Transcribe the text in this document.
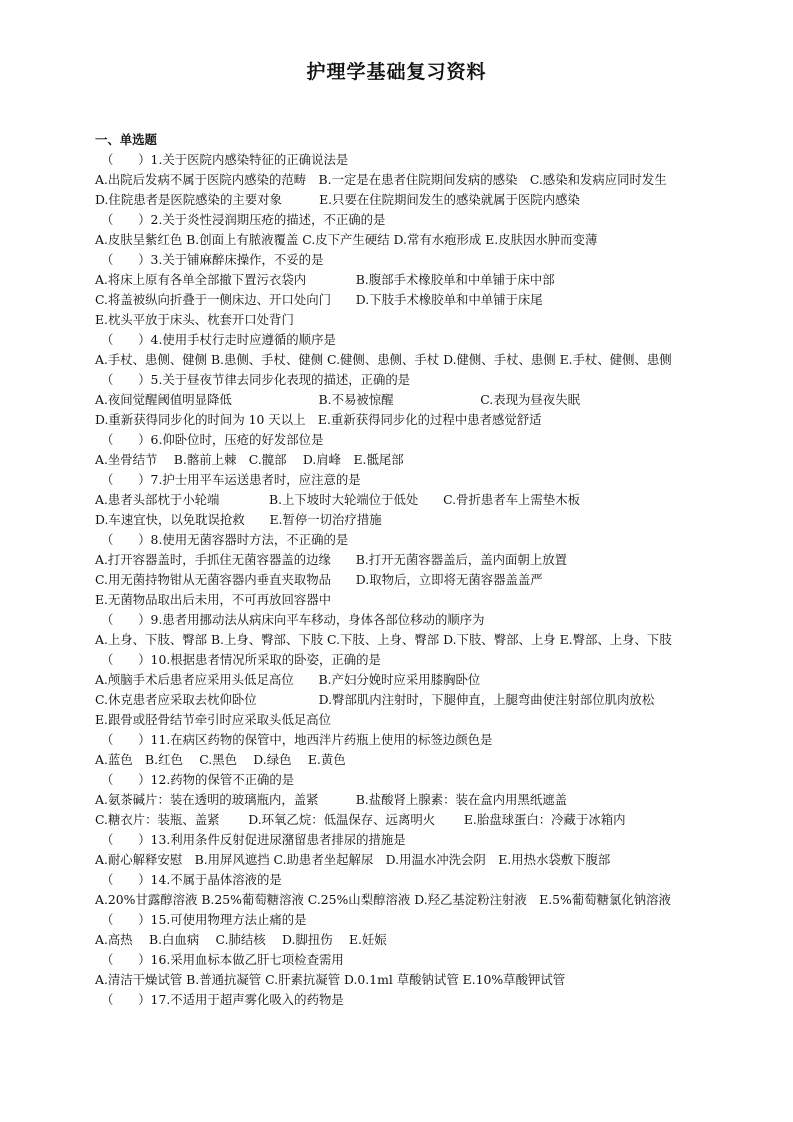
护理学基础复习资料
一、单选题
（　　）1.关于医院内感染特征的正确说法是
A.出院后发病不属于医院内感染的范畴　B.一定是在患者住院期间发病的感染　C.感染和发病应同时发生
D.住院患者是医院感染的主要对象　　　E.只要在住院期间发生的感染就属于医院内感染
（　　）2.关于炎性浸润期压疮的描述，不正确的是
A.皮肤呈紫红色 B.创面上有脓液覆盖 C.皮下产生硬结 D.常有水疱形成 E.皮肤因水肿而变薄
（　　）3.关于铺麻醉床操作，不妥的是
A.将床上原有各单全部撤下置污衣袋内　　　　B.腹部手术橡胶单和中单铺于床中部
C.将盖被纵向折叠于一侧床边、开口处向门　　D.下肢手术橡胶单和中单铺于床尾
E.枕头平放于床头、枕套开口处背门
（　　）4.使用手杖行走时应遵循的顺序是
A.手杖、患侧、健侧 B.患侧、手杖、健侧 C.健侧、患侧、手杖 D.健侧、手杖、患侧 E.手杖、健侧、患侧
（　　）5.关于昼夜节律去同步化表现的描述，正确的是
A.夜间觉醒阈值明显降低　　　　　　　B.不易被惊醒　　　　　　　C.表现为昼夜失眠
D.重新获得同步化的时间为 10 天以上　E.重新获得同步化的过程中患者感觉舒适
（　　）6.仰卧位时，压疮的好发部位是
A.坐骨结节　 B.髂前上棘　C.髋部　 D.肩峰　E.骶尾部
（　　）7.护士用平车运送患者时，应注意的是
A.患者头部枕于小轮端　　　　B.上下坡时大轮端位于低处　　C.骨折患者车上需垫木板
D.车速宜快，以免耽误抢救　　E.暂停一切治疗措施
（　　）8.使用无菌容器时方法，不正确的是
A.打开容器盖时，手抓住无菌容器盖的边缘　　B.打开无菌容器盖后，盖内面朝上放置
C.用无菌持物钳从无菌容器内垂直夹取物品　　D.取物后，立即将无菌容器盖盖严
E.无菌物品取出后未用，不可再放回容器中
（　　）9.患者用挪动法从病床向平车移动，身体各部位移动的顺序为
A.上身、下肢、臀部 B.上身、臀部、下肢 C.下肢、上身、臀部 D.下肢、臀部、上身 E.臀部、上身、下肢
（　　）10.根据患者情况所采取的卧姿，正确的是
A.颅脑手术后患者应采用头低足高位　　B.产妇分娩时应采用膝胸卧位
C.休克患者应采取去枕仰卧位　　　　　D.臀部肌内注射时，下腿伸直，上腿弯曲使注射部位肌肉放松
E.跟骨或胫骨结节牵引时应采取头低足高位
（　　）11.在病区药物的保管中，地西泮片药瓶上使用的标签边颜色是
A.蓝色　B.红色　 C.黑色　 D.绿色　 E.黄色
（　　）12.药物的保管不正确的是
A.氨茶碱片：装在透明的玻璃瓶内，盖紧　　　B.盐酸肾上腺素：装在盒内用黑纸遮盖
C.糖衣片：装瓶、盖紧　　 D.环氧乙烷：低温保存、远离明火　　 E.胎盘球蛋白：冷藏于冰箱内
（　　）13.利用条件反射促进尿潴留患者排尿的措施是
A.耐心解释安慰　B.用屏风遮挡 C.助患者坐起解尿　D.用温水冲洗会阴　E.用热水袋敷下腹部
（　　）14.不属于晶体溶液的是
A.20%甘露醇溶液 B.25%葡萄糖溶液 C.25%山梨醇溶液 D.羟乙基淀粉注射液　E.5%葡萄糖氯化钠溶液
（　　）15.可使用物理方法止痛的是
A.高热　 B.白血病　 C.肺结核　 D.脚扭伤　 E.妊娠
（　　）16.采用血标本做乙肝七项检查需用
A.清洁干燥试管 B.普通抗凝管 C.肝素抗凝管 D.0.1ml 草酸钠试管 E.10%草酸钾试管
（　　）17.不适用于超声雾化吸入的药物是
